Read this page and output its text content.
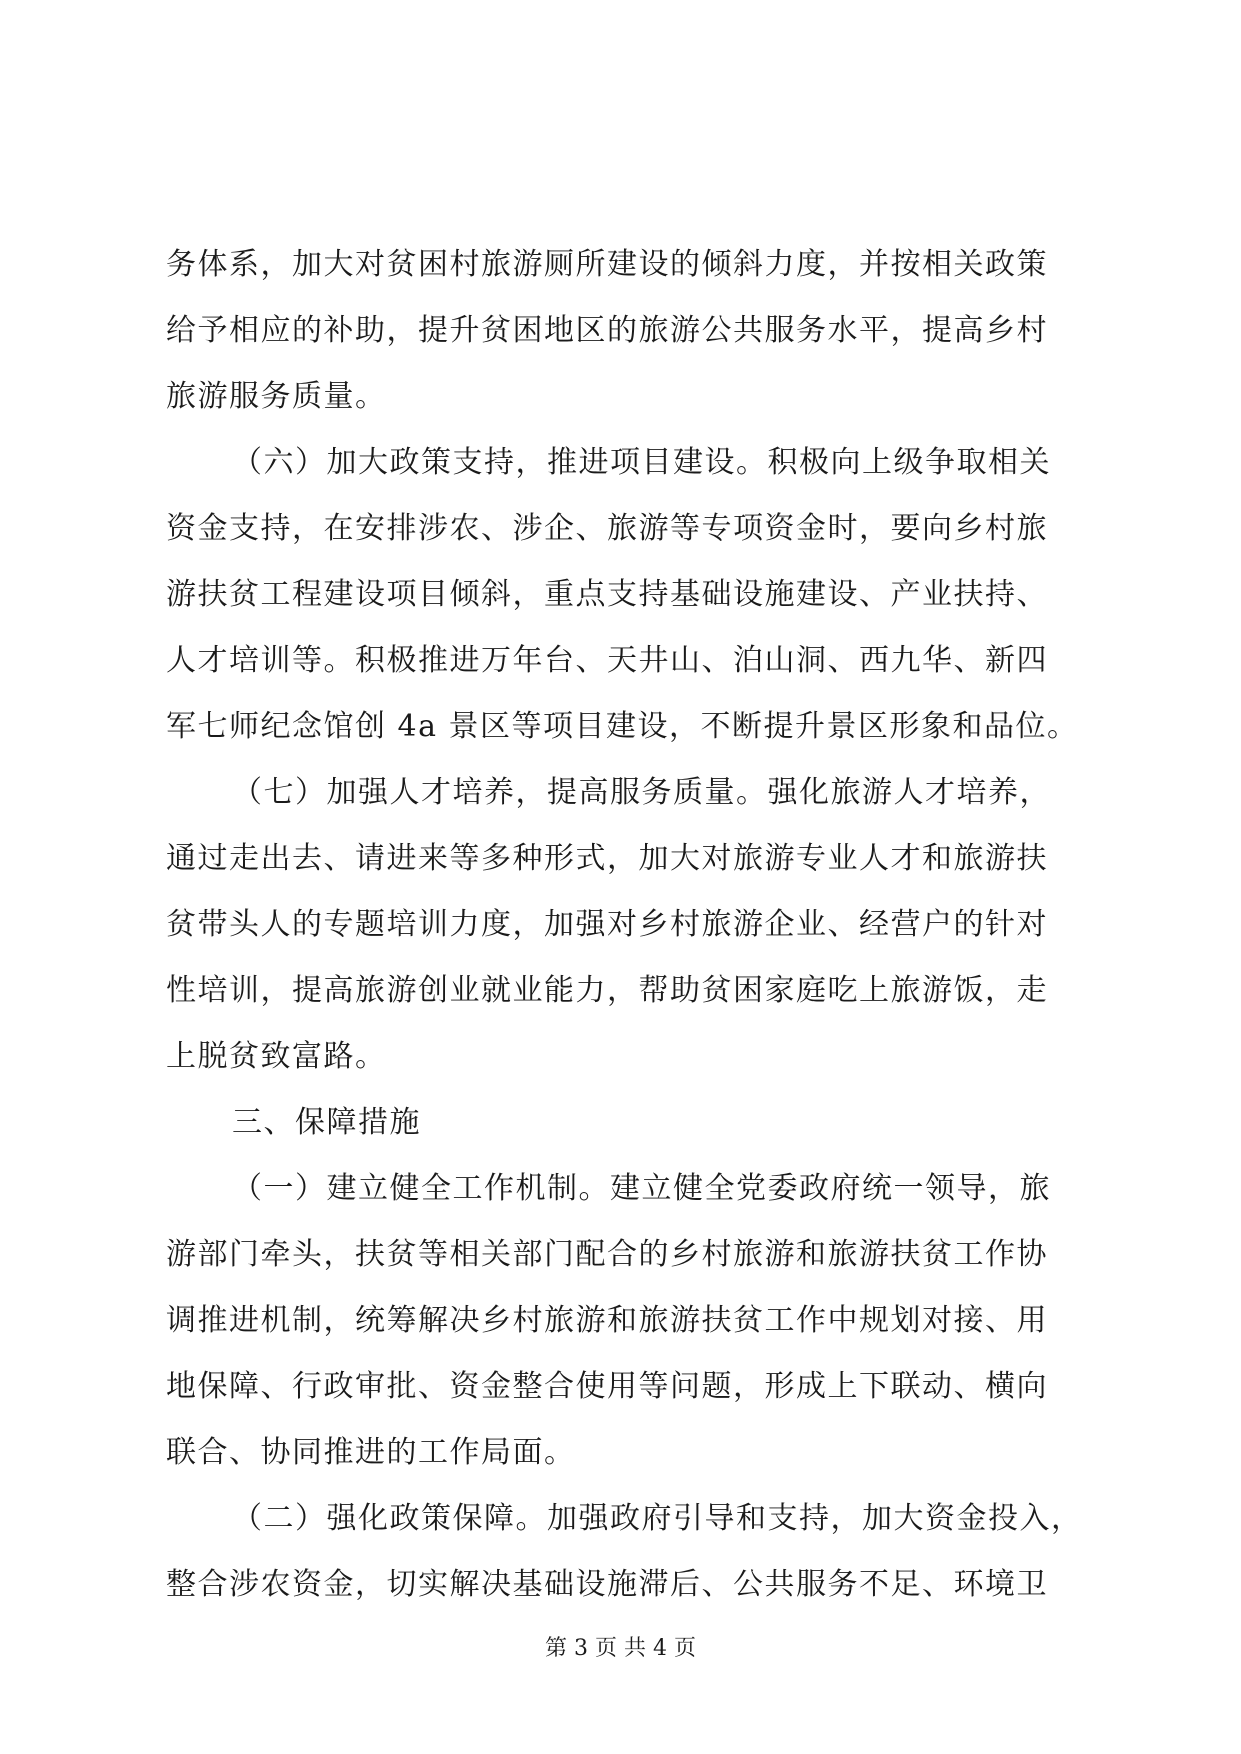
务体系，加大对贫困村旅游厕所建设的倾斜力度，并按相关政策
给予相应的补助，提升贫困地区的旅游公共服务水平，提高乡村
旅游服务质量。
（六）加大政策支持，推进项目建设。积极向上级争取相关
资金支持，在安排涉农、涉企、旅游等专项资金时，要向乡村旅
游扶贫工程建设项目倾斜，重点支持基础设施建设、产业扶持、
人才培训等。积极推进万年台、天井山、泊山洞、西九华、新四
军七师纪念馆创 4a 景区等项目建设，不断提升景区形象和品位。
（七）加强人才培养，提高服务质量。强化旅游人才培养，
通过走出去、请进来等多种形式，加大对旅游专业人才和旅游扶
贫带头人的专题培训力度，加强对乡村旅游企业、经营户的针对
性培训，提高旅游创业就业能力，帮助贫困家庭吃上旅游饭，走
上脱贫致富路。
三、保障措施
（一）建立健全工作机制。建立健全党委政府统一领导，旅
游部门牵头，扶贫等相关部门配合的乡村旅游和旅游扶贫工作协
调推进机制，统筹解决乡村旅游和旅游扶贫工作中规划对接、用
地保障、行政审批、资金整合使用等问题，形成上下联动、横向
联合、协同推进的工作局面。
（二）强化政策保障。加强政府引导和支持，加大资金投入，
整合涉农资金，切实解决基础设施滞后、公共服务不足、环境卫
第 3 页 共 4 页
